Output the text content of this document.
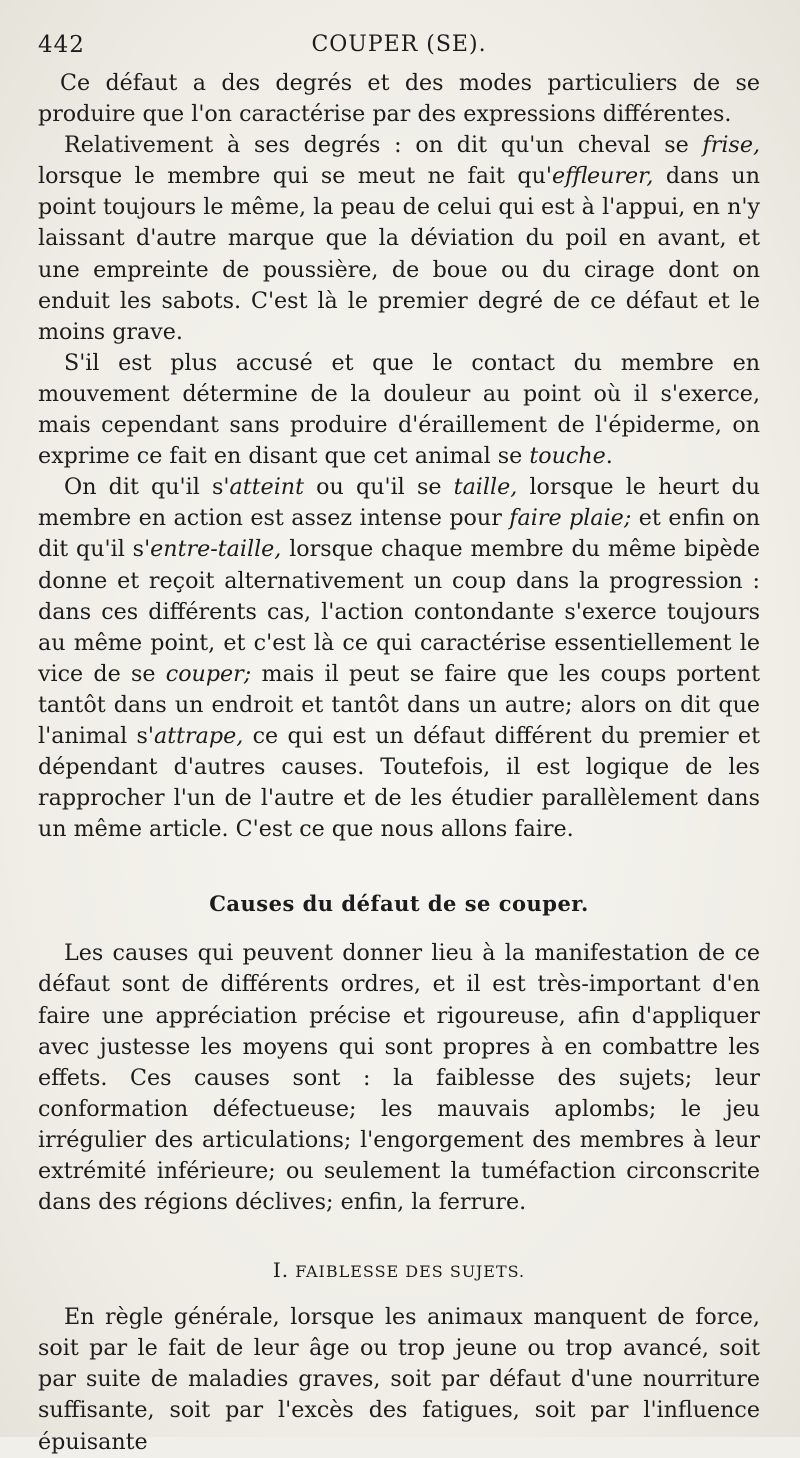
442	COUPER (SE).

Ce défaut a des degrés et des modes particuliers de se produire que l'on caractérise par des expressions différentes.

Relativement à ses degrés : on dit qu'un cheval se frise, lorsque le membre qui se meut ne fait qu'effleurer, dans un point toujours le même, la peau de celui qui est à l'appui, en n'y laissant d'autre marque que la déviation du poil en avant, et une empreinte de poussière, de boue ou du cirage dont on enduit les sabots. C'est là le premier degré de ce défaut et le moins grave.

S'il est plus accusé et que le contact du membre en mouvement détermine de la douleur au point où il s'exerce, mais cependant sans produire d'éraillement de l'épiderme, on exprime ce fait en disant que cet animal se touche.

On dit qu'il s'atteint ou qu'il se taille, lorsque le heurt du membre en action est assez intense pour faire plaie; et enfin on dit qu'il s'entre-taille, lorsque chaque membre du même bipède donne et reçoit alternativement un coup dans la progression : dans ces différents cas, l'action contondante s'exerce toujours au même point, et c'est là ce qui caractérise essentiellement le vice de se couper; mais il peut se faire que les coups portent tantôt dans un endroit et tantôt dans un autre; alors on dit que l'animal s'attrape, ce qui est un défaut différent du premier et dépendant d'autres causes. Toutefois, il est logique de les rapprocher l'un de l'autre et de les étudier parallèlement dans un même article. C'est ce que nous allons faire.

Causes du défaut de se couper.

Les causes qui peuvent donner lieu à la manifestation de ce défaut sont de différents ordres, et il est très-important d'en faire une appréciation précise et rigoureuse, afin d'appliquer avec justesse les moyens qui sont propres à en combattre les effets. Ces causes sont : la faiblesse des sujets; leur conformation défectueuse; les mauvais aplombs; le jeu irrégulier des articulations; l'engorgement des membres à leur extrémité inférieure; ou seulement la tuméfaction circonscrite dans des régions déclives; enfin, la ferrure.

I. FAIBLESSE DES SUJETS.

En règle générale, lorsque les animaux manquent de force, soit par le fait de leur âge ou trop jeune ou trop avancé, soit par suite de maladies graves, soit par défaut d'une nourriture suffisante, soit par l'excès des fatigues, soit par l'influence épuisante
